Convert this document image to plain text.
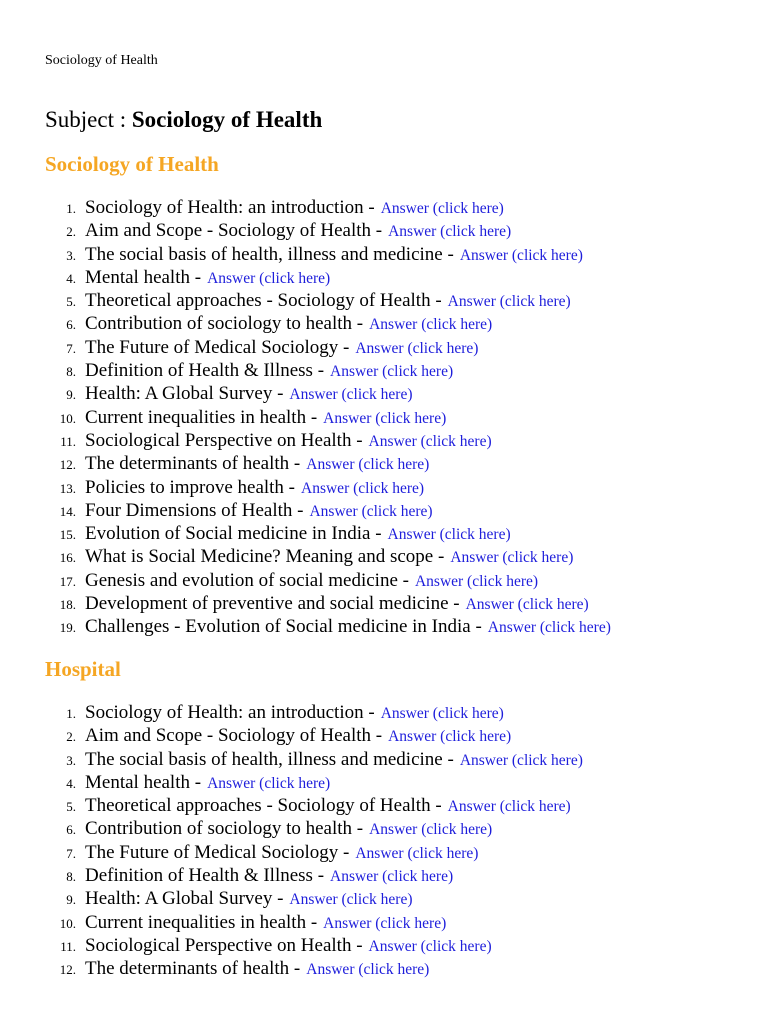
Sociology of Health

Subject : Sociology of Health
Sociology of Health
1. Sociology of Health: an introduction - Answer (click here)
2. Aim and Scope - Sociology of Health - Answer (click here)
3. The social basis of health, illness and medicine - Answer (click here)
4. Mental health - Answer (click here)
5. Theoretical approaches - Sociology of Health - Answer (click here)
6. Contribution of sociology to health - Answer (click here)
7. The Future of Medical Sociology - Answer (click here)
8. Definition of Health & Illness - Answer (click here)
9. Health: A Global Survey - Answer (click here)
10. Current inequalities in health - Answer (click here)
11. Sociological Perspective on Health - Answer (click here)
12. The determinants of health - Answer (click here)
13. Policies to improve health - Answer (click here)
14. Four Dimensions of Health - Answer (click here)
15. Evolution of Social medicine in India - Answer (click here)
16. What is Social Medicine? Meaning and scope - Answer (click here)
17. Genesis and evolution of social medicine - Answer (click here)
18. Development of preventive and social medicine - Answer (click here)
19. Challenges - Evolution of Social medicine in India - Answer (click here)
Hospital
1. Sociology of Health: an introduction - Answer (click here)
2. Aim and Scope - Sociology of Health - Answer (click here)
3. The social basis of health, illness and medicine - Answer (click here)
4. Mental health - Answer (click here)
5. Theoretical approaches - Sociology of Health - Answer (click here)
6. Contribution of sociology to health - Answer (click here)
7. The Future of Medical Sociology - Answer (click here)
8. Definition of Health & Illness - Answer (click here)
9. Health: A Global Survey - Answer (click here)
10. Current inequalities in health - Answer (click here)
11. Sociological Perspective on Health - Answer (click here)
12. The determinants of health - Answer (click here)
